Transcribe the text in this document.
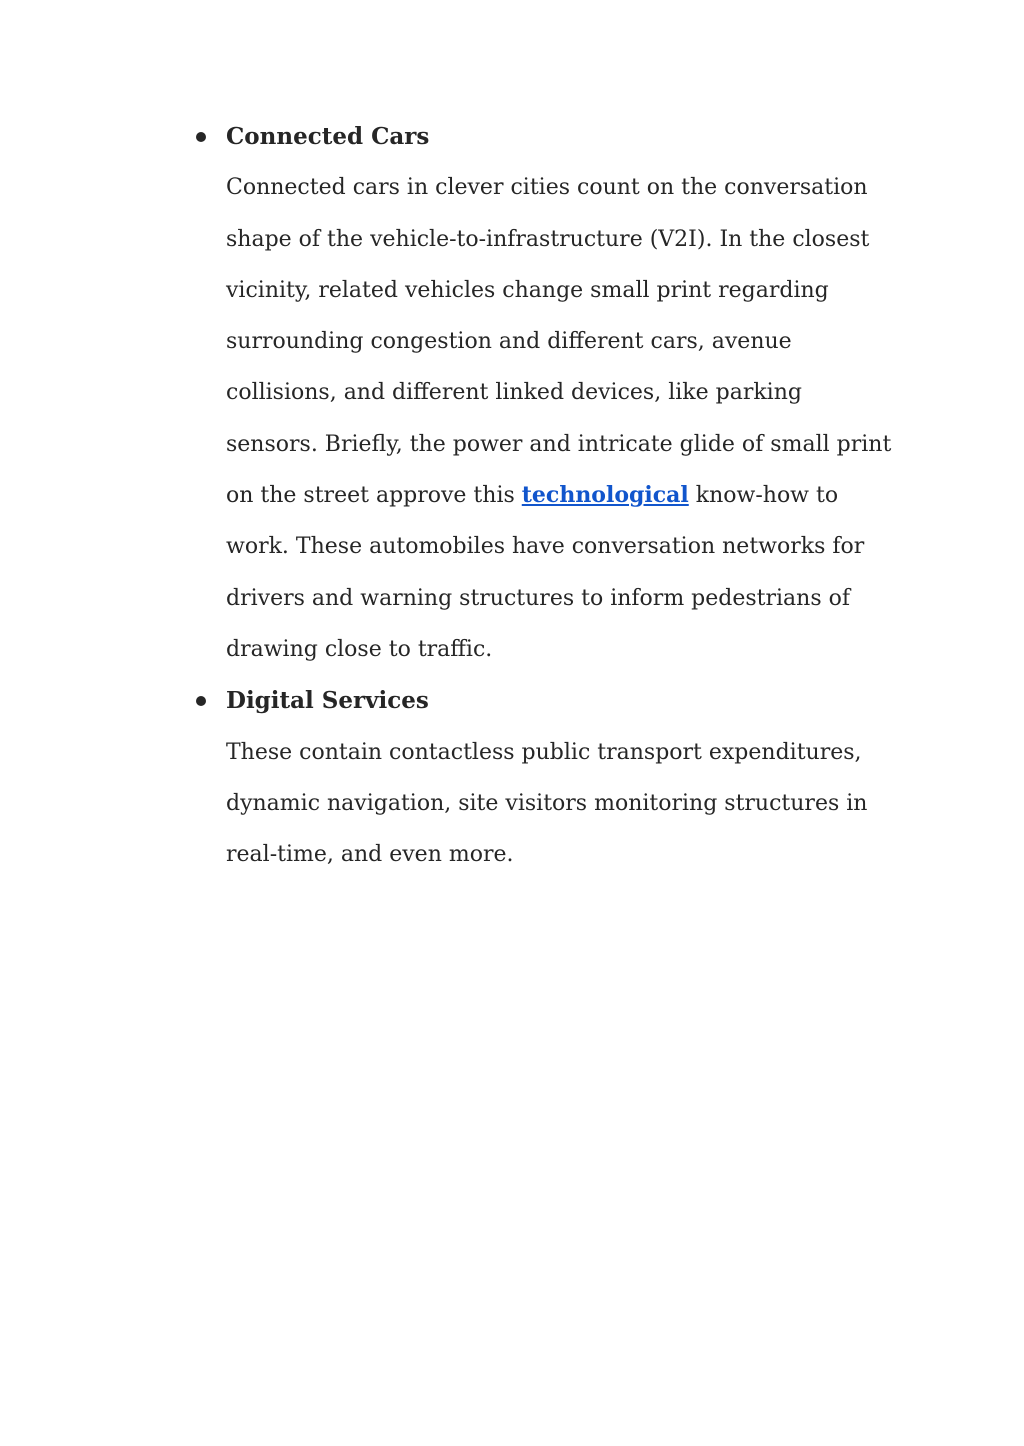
Connected Cars

Connected cars in clever cities count on the conversation
shape of the vehicle-to-infrastructure (V2I). In the closest
vicinity, related vehicles change small print regarding
surrounding congestion and different cars, avenue
collisions, and different linked devices, like parking
sensors. Briefly, the power and intricate glide of small print
on the street approve this technological know-how to
work. These automobiles have conversation networks for
drivers and warning structures to inform pedestrians of
drawing close to traffic.

Digital Services

These contain contactless public transport expenditures,
dynamic navigation, site visitors monitoring structures in
real-time, and even more.
